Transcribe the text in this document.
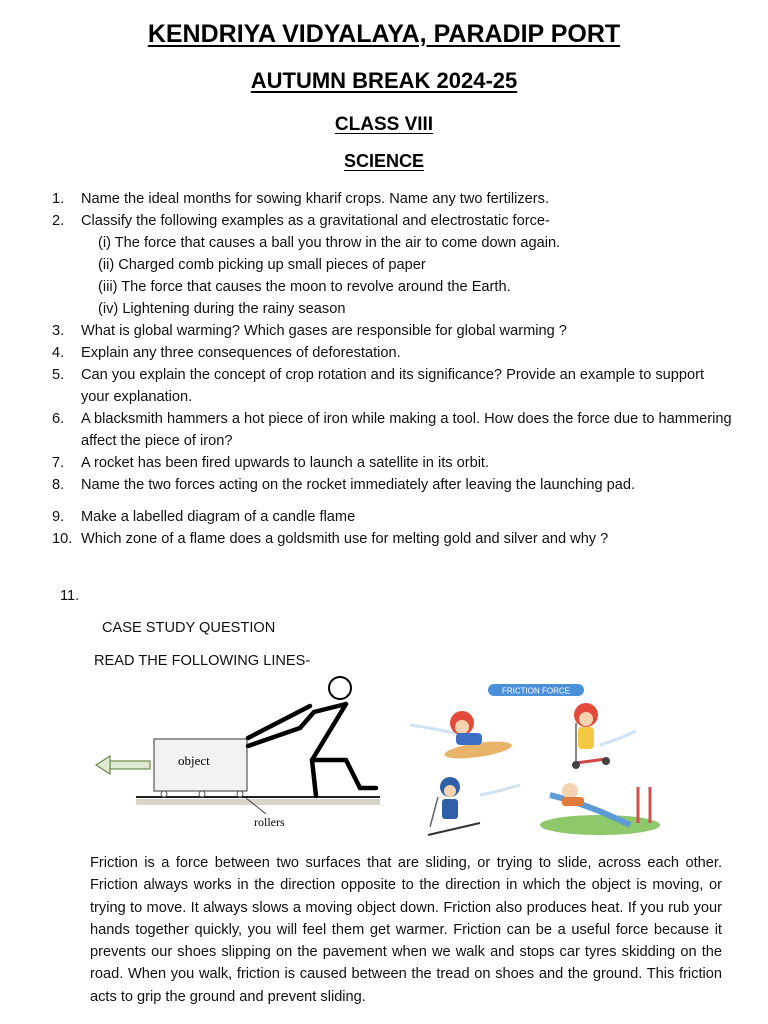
KENDRIYA VIDYALAYA, PARADIP PORT
AUTUMN BREAK 2024-25
CLASS VIII
SCIENCE
1. Name the ideal months for sowing kharif crops. Name any two fertilizers.
2. Classify the following examples as a gravitational and electrostatic force-
(i) The force that causes a ball you throw in the air to come down again.
(ii) Charged comb picking up small pieces of paper
(iii) The force that causes the moon to revolve around the Earth.
(iv) Lightening during the rainy season
3. What is global warming? Which gases are responsible for global warming ?
4. Explain any three consequences of deforestation.
5. Can you explain the concept of crop rotation and its significance? Provide an example to support your explanation.
6. A blacksmith hammers a hot piece of iron while making a tool. How does the force due to hammering affect the piece of iron?
7. A rocket has been fired upwards to launch a satellite in its orbit.
8. Name the two forces acting on the rocket immediately after leaving the launching pad.
9. Make a labelled diagram of a candle flame
10. Which zone of a flame does a goldsmith use for melting gold and silver and why ?
11.
CASE STUDY QUESTION
READ THE FOLLOWING LINES-
object
rollers
FRICTION FORCE

Friction is a force between two surfaces that are sliding, or trying to slide, across each other. Friction always works in the direction opposite to the direction in which the object is moving, or trying to move. It always slows a moving object down. Friction also produces heat. If you rub your hands together quickly, you will feel them get warmer. Friction can be a useful force because it prevents our shoes slipping on the pavement when we walk and stops car tyres skidding on the road. When you walk, friction is caused between the tread on shoes and the ground. This friction acts to grip the ground and prevent sliding.
